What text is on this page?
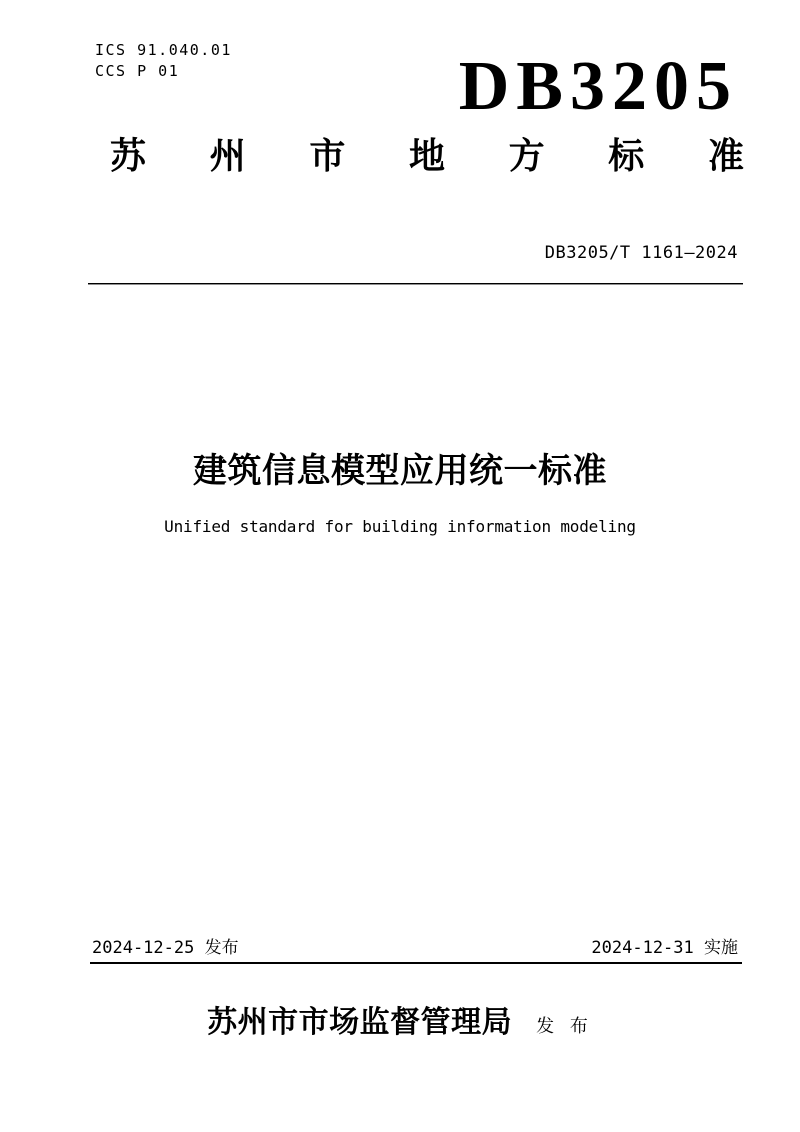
ICS 91.040.01
CCS P 01	DB3205
苏 州 市 地 方 标 准
DB3205/T 1161—2024
建筑信息模型应用统一标准
Unified standard for building information modeling
2024-12-25 发布	2024-12-31 实施
苏州市市场监督管理局 发 布
